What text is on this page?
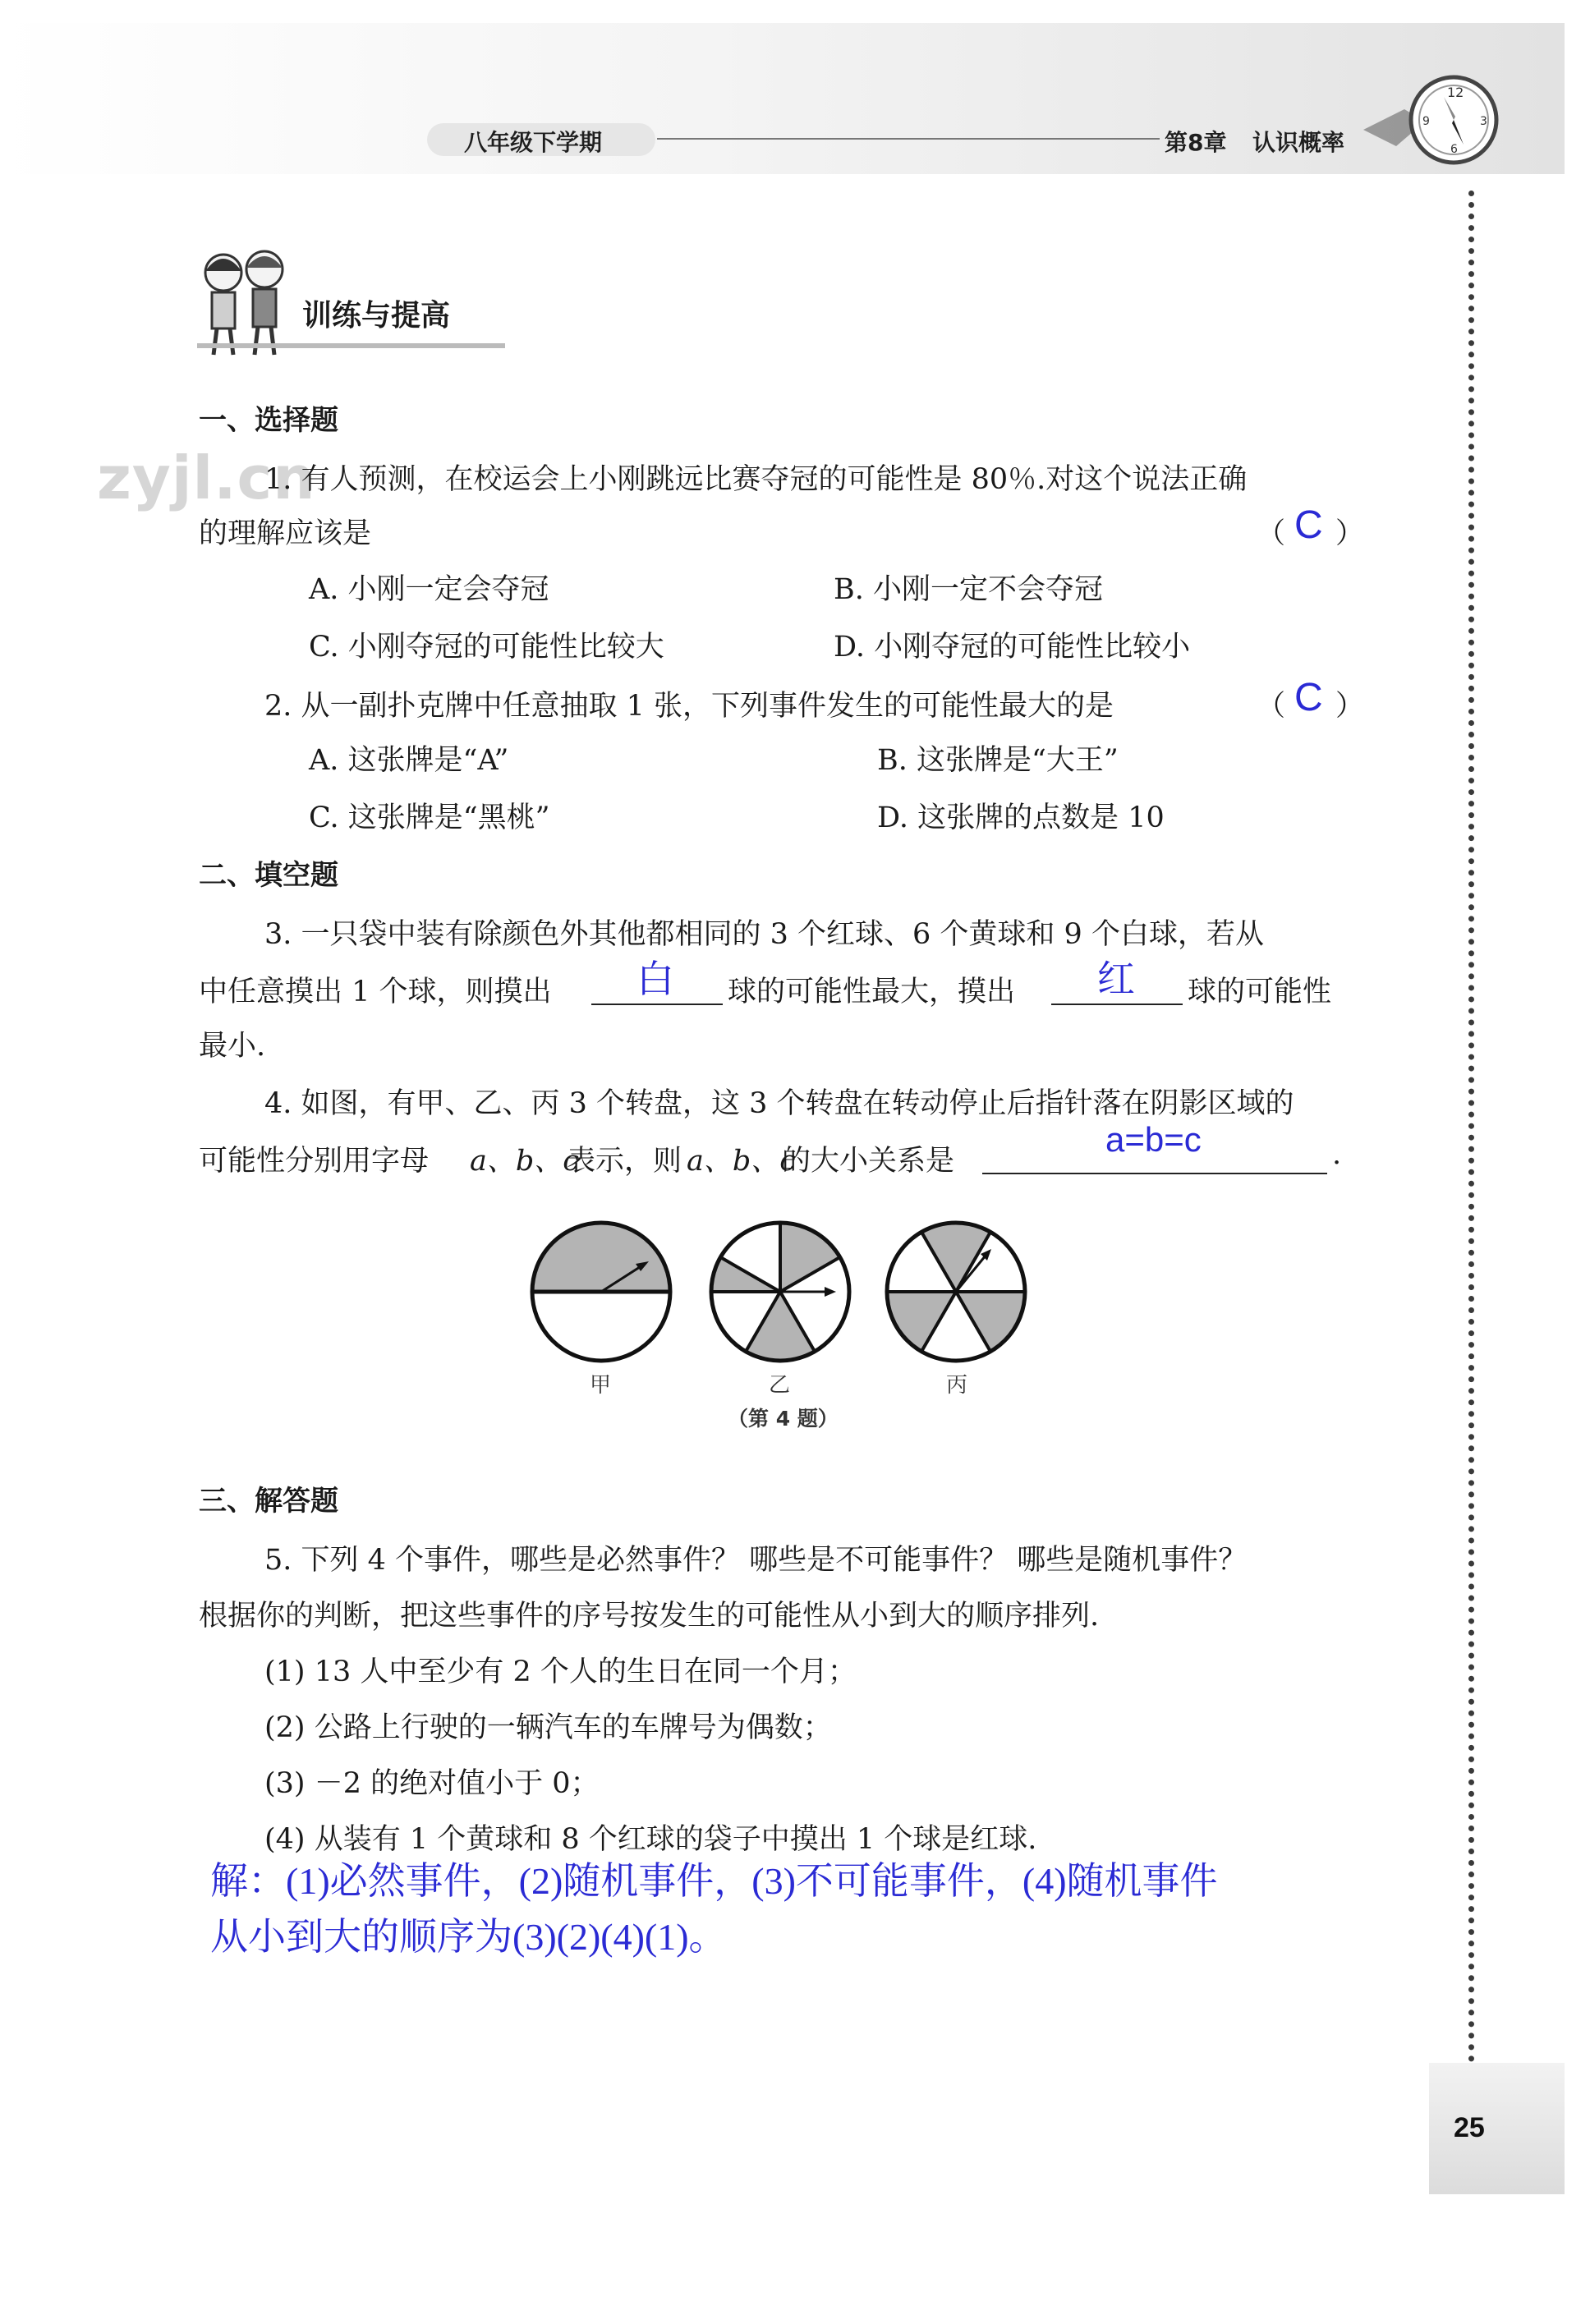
八年级下学期	第8章 认识概率
12
3
6
9
训练与提高
zyjl.cn
一、选择题
1. 有人预测，在校运会上小刚跳远比赛夺冠的可能性是 80％.对这个说法正确
的理解应该是	（ C ）
A. 小刚一定会夺冠	B. 小刚一定不会夺冠
C. 小刚夺冠的可能性比较大	D. 小刚夺冠的可能性比较小
2. 从一副扑克牌中任意抽取 1 张，下列事件发生的可能性最大的是	（ C ）
A. 这张牌是“A”	B. 这张牌是“大王”
C. 这张牌是“黑桃”	D. 这张牌的点数是 10
二、填空题
3. 一只袋中装有除颜色外其他都相同的 3 个红球、6 个黄球和 9 个白球，若从
中任意摸出 1 个球，则摸出 白 球的可能性最大，摸出 红 球的可能性
最小.
4. 如图，有甲、乙、丙 3 个转盘，这 3 个转盘在转动停止后指针落在阴影区域的
可能性分别用字母 a、b、c
表示，则 a、b、c
的大小关系是
a=b=c	.
甲	乙	丙
（第 4 题）
三、解答题
5. 下列 4 个事件，哪些是必然事件？ 哪些是不可能事件？ 哪些是随机事件？
根据你的判断，把这些事件的序号按发生的可能性从小到大的顺序排列.
(1) 13 人中至少有 2 个人的生日在同一个月；
(2) 公路上行驶的一辆汽车的车牌号为偶数；
(3) －2 的绝对值小于 0；
(4) 从装有 1 个黄球和 8 个红球的袋子中摸出 1 个球是红球.
解：(1)必然事件，(2)随机事件，(3)不可能事件，(4)随机事件
从小到大的顺序为(3)(2)(4)(1)。
25
